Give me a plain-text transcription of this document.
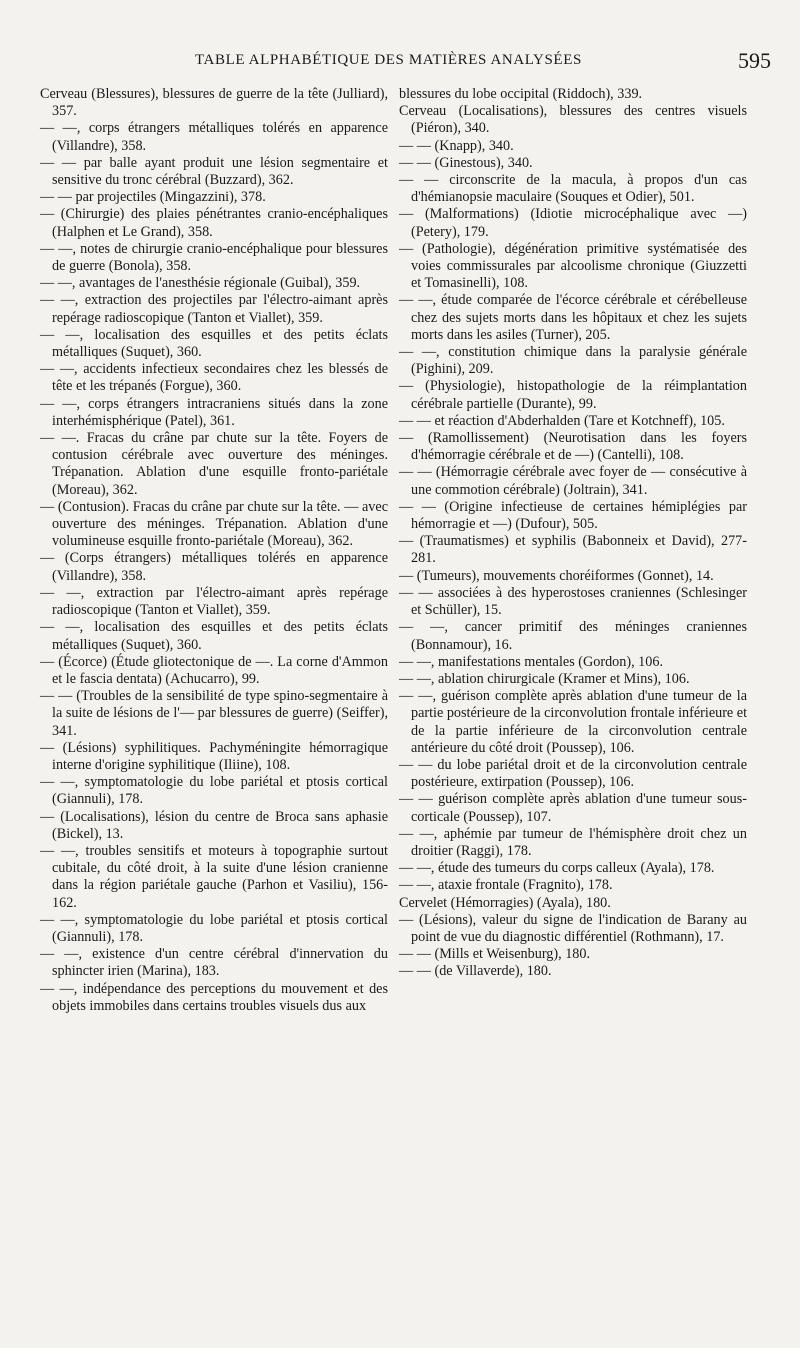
TABLE ALPHABÉTIQUE DES MATIÈRES ANALYSÉES	595

Cerveau (Blessures), blessures de guerre de la tête (Julliard), 357.

— —, corps étrangers métalliques tolérés en apparence (Villandre), 358.

— — par balle ayant produit une lésion segmentaire et sensitive du tronc cérébral (Buzzard), 362.

— — par projectiles (Mingazzini), 378.

— (Chirurgie) des plaies pénétrantes cranio-encéphaliques (Halphen et Le Grand), 358.

— —, notes de chirurgie cranio-encéphalique pour blessures de guerre (Bonola), 358.

— —, avantages de l'anesthésie régionale (Guibal), 359.

— —, extraction des projectiles par l'électro-aimant après repérage radioscopique (Tanton et Viallet), 359.

— —, localisation des esquilles et des petits éclats métalliques (Suquet), 360.

— —, accidents infectieux secondaires chez les blessés de tête et les trépanés (Forgue), 360.

— —, corps étrangers intracraniens situés dans la zone interhémisphérique (Patel), 361.

— —. Fracas du crâne par chute sur la tête. Foyers de contusion cérébrale avec ouverture des méninges. Trépanation. Ablation d'une esquille fronto-pariétale (Moreau), 362.

— (Contusion). Fracas du crâne par chute sur la tête. — avec ouverture des méninges. Trépanation. Ablation d'une volumineuse esquille fronto-pariétale (Moreau), 362.

— (Corps étrangers) métalliques tolérés en apparence (Villandre), 358.

— —, extraction par l'électro-aimant après repérage radioscopique (Tanton et Viallet), 359.

— —, localisation des esquilles et des petits éclats métalliques (Suquet), 360.

— (Écorce) (Étude gliotectonique de —. La corne d'Ammon et le fascia dentata) (Achucarro), 99.

— — (Troubles de la sensibilité de type spino-segmentaire à la suite de lésions de l'— par blessures de guerre) (Seiffer), 341.

— (Lésions) syphilitiques. Pachyméningite hémorragique interne d'origine syphilitique (Iliine), 108.

— —, symptomatologie du lobe pariétal et ptosis cortical (Giannuli), 178.

— (Localisations), lésion du centre de Broca sans aphasie (Bickel), 13.

— —, troubles sensitifs et moteurs à topographie surtout cubitale, du côté droit, à la suite d'une lésion cranienne dans la région pariétale gauche (Parhon et Vasiliu), 156-162.

— —, symptomatologie du lobe pariétal et ptosis cortical (Giannuli), 178.

— —, existence d'un centre cérébral d'innervation du sphincter irien (Marina), 183.

— —, indépendance des perceptions du mouvement et des objets immobiles dans certains troubles visuels dus aux

blessures du lobe occipital (Riddoch), 339.

Cerveau (Localisations), blessures des centres visuels (Piéron), 340.

— — (Knapp), 340.

— — (Ginestous), 340.

— — circonscrite de la macula, à propos d'un cas d'hémianopsie maculaire (Souques et Odier), 501.

— (Malformations) (Idiotie microcéphalique avec —) (Petery), 179.

— (Pathologie), dégénération primitive systématisée des voies commissurales par alcoolisme chronique (Giuzzetti et Tomasinelli), 108.

— —, étude comparée de l'écorce cérébrale et cérébelleuse chez des sujets morts dans les hôpitaux et chez les sujets morts dans les asiles (Turner), 205.

— —, constitution chimique dans la paralysie générale (Pighini), 209.

— (Physiologie), histopathologie de la réimplantation cérébrale partielle (Durante), 99.

— — et réaction d'Abderhalden (Tare et Kotchneff), 105.

— (Ramollissement) (Neurotisation dans les foyers d'hémorragie cérébrale et de —) (Cantelli), 108.

— — (Hémorragie cérébrale avec foyer de — consécutive à une commotion cérébrale) (Joltrain), 341.

— — (Origine infectieuse de certaines hémiplégies par hémorragie et —) (Dufour), 505.

— (Traumatismes) et syphilis (Babonneix et David), 277-281.

— (Tumeurs), mouvements choréiformes (Gonnet), 14.

— — associées à des hyperostoses craniennes (Schlesinger et Schüller), 15.

— —, cancer primitif des méninges craniennes (Bonnamour), 16.

— —, manifestations mentales (Gordon), 106.

— —, ablation chirurgicale (Kramer et Mins), 106.

— —, guérison complète après ablation d'une tumeur de la partie postérieure de la circonvolution frontale inférieure et de la partie inférieure de la circonvolution centrale antérieure du côté droit (Poussep), 106.

— — du lobe pariétal droit et de la circonvolution centrale postérieure, extirpation (Poussep), 106.

— — guérison complète après ablation d'une tumeur sous-corticale (Poussep), 107.

— —, aphémie par tumeur de l'hémisphère droit chez un droitier (Raggi), 178.

— —, étude des tumeurs du corps calleux (Ayala), 178.

— —, ataxie frontale (Fragnito), 178.

Cervelet (Hémorragies) (Ayala), 180.

— (Lésions), valeur du signe de l'indication de Barany au point de vue du diagnostic différentiel (Rothmann), 17.

— — (Mills et Weisenburg), 180.

— — (de Villaverde), 180.
